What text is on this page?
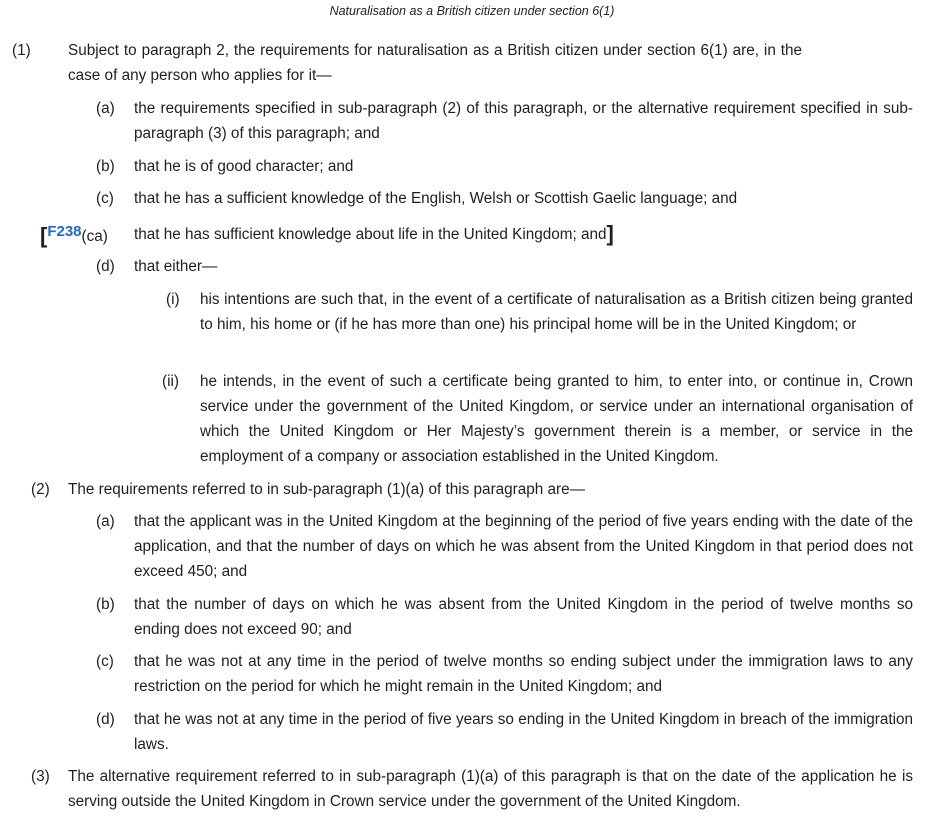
Naturalisation as a British citizen under section 6(1)
(1) Subject to paragraph 2, the requirements for naturalisation as a British citizen under section 6(1) are, in the case of any person who applies for it—
(a) the requirements specified in sub-paragraph (2) of this paragraph, or the alternative requirement specified in sub-paragraph (3) of this paragraph; and
(b) that he is of good character; and
(c) that he has a sufficient knowledge of the English, Welsh or Scottish Gaelic language; and
[F238(ca) that he has sufficient knowledge about life in the United Kingdom; and]
(d) that either—
(i) his intentions are such that, in the event of a certificate of naturalisation as a British citizen being granted to him, his home or (if he has more than one) his principal home will be in the United Kingdom; or
(ii) he intends, in the event of such a certificate being granted to him, to enter into, or continue in, Crown service under the government of the United Kingdom, or service under an international organisation of which the United Kingdom or Her Majesty’s government therein is a member, or service in the employment of a company or association established in the United Kingdom.
(2) The requirements referred to in sub-paragraph (1)(a) of this paragraph are—
(a) that the applicant was in the United Kingdom at the beginning of the period of five years ending with the date of the application, and that the number of days on which he was absent from the United Kingdom in that period does not exceed 450; and
(b) that the number of days on which he was absent from the United Kingdom in the period of twelve months so ending does not exceed 90; and
(c) that he was not at any time in the period of twelve months so ending subject under the immigration laws to any restriction on the period for which he might remain in the United Kingdom; and
(d) that he was not at any time in the period of five years so ending in the United Kingdom in breach of the immigration laws.
(3) The alternative requirement referred to in sub-paragraph (1)(a) of this paragraph is that on the date of the application he is serving outside the United Kingdom in Crown service under the government of the United Kingdom.
